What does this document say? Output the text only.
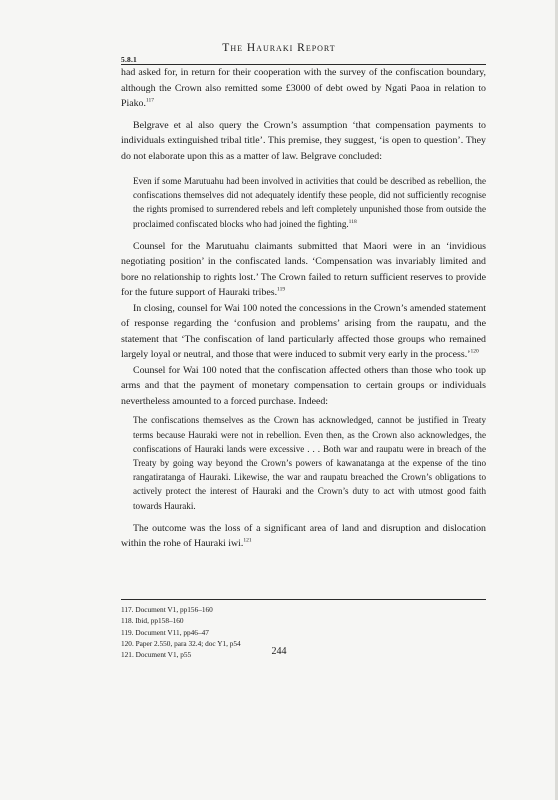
The Hauraki Report
5.8.1

had asked for, in return for their cooperation with the survey of the confiscation boundary, although the Crown also remitted some £3000 of debt owed by Ngati Paoa in relation to Piako.$^{117}$

Belgrave et al also query the Crown’s assumption ‘that compensation payments to individuals extinguished tribal title’. This premise, they suggest, ‘is open to question’. They do not elaborate upon this as a matter of law. Belgrave concluded:

Even if some Marutuahu had been involved in activities that could be described as rebellion, the confiscations themselves did not adequately identify these people, did not sufficiently recognise the rights promised to surrendered rebels and left completely unpunished those from outside the proclaimed confiscated blocks who had joined the fighting.$^{118}$

Counsel for the Marutuahu claimants submitted that Maori were in an ‘invidious negotiating position’ in the confiscated lands. ‘Compensation was invariably limited and bore no relationship to rights lost.’ The Crown failed to return sufficient reserves to provide for the future support of Hauraki tribes.$^{119}$

In closing, counsel for Wai 100 noted the concessions in the Crown’s amended statement of response regarding the ‘confusion and problems’ arising from the raupatu, and the statement that ‘The confiscation of land particularly affected those groups who remained largely loyal or neutral, and those that were induced to submit very early in the process.’$^{120}$

Counsel for Wai 100 noted that the confiscation affected others than those who took up arms and that the payment of monetary compensation to certain groups or individuals nevertheless amounted to a forced purchase. Indeed:

The confiscations themselves as the Crown has acknowledged, cannot be justified in Treaty terms because Hauraki were not in rebellion. Even then, as the Crown also acknowledges, the confiscations of Hauraki lands were excessive . . . Both war and raupatu were in breach of the Treaty by going way beyond the Crown’s powers of kawanatanga at the expense of the tino rangatiratanga of Hauraki. Likewise, the war and raupatu breached the Crown’s obligations to actively protect the interest of Hauraki and the Crown’s duty to act with utmost good faith towards Hauraki.

The outcome was the loss of a significant area of land and disruption and dislocation within the rohe of Hauraki iwi.$^{121}$

117. Document V1, pp156–160
118. Ibid, pp158–160
119. Document V11, pp46–47
120. Paper 2.550, para 32.4; doc Y1, p54
121. Document V1, p55	244
